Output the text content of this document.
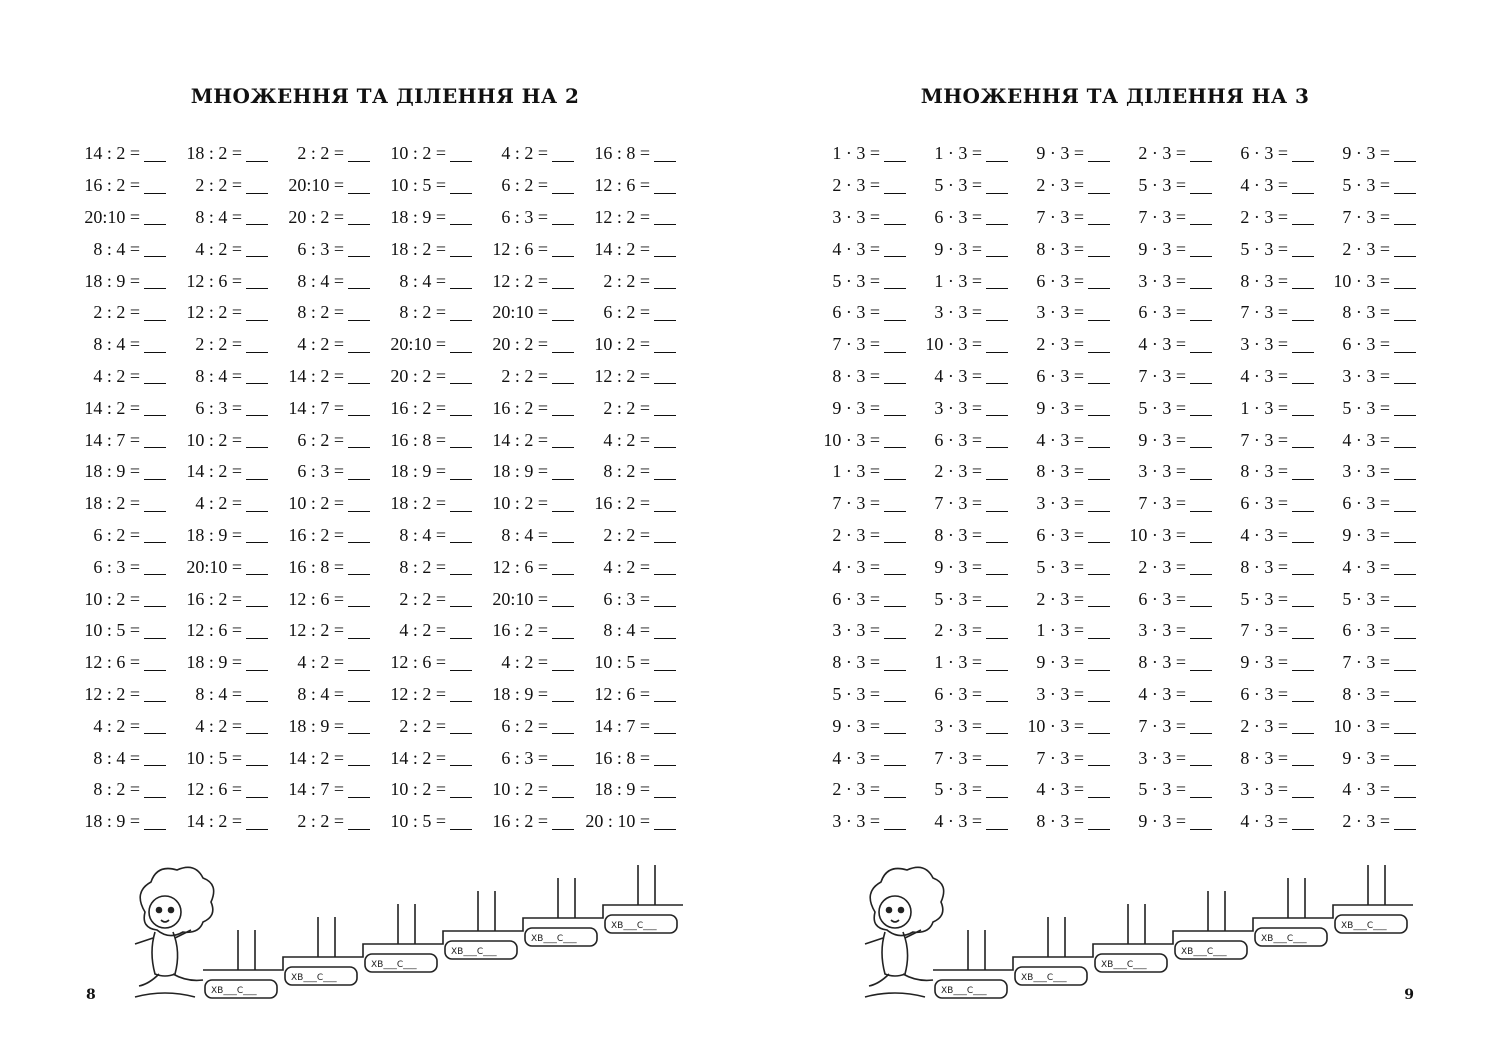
МНОЖЕННЯ ТА ДІЛЕННЯ НА 2
14 : 2 =	18 : 2 =	2 : 2 =	10 : 2 =	4 : 2 =	16 : 8 =
16 : 2 =	2 : 2 =	20:10 =	10 : 5 =	6 : 2 =	12 : 6 =
20:10 =	8 : 4 =	20 : 2 =	18 : 9 =	6 : 3 =	12 : 2 =
8 : 4 =	4 : 2 =	6 : 3 =	18 : 2 =	12 : 6 =	14 : 2 =
18 : 9 =	12 : 6 =	8 : 4 =	8 : 4 =	12 : 2 =	2 : 2 =
2 : 2 =	12 : 2 =	8 : 2 =	8 : 2 =	20:10 =	6 : 2 =
8 : 4 =	2 : 2 =	4 : 2 =	20:10 =	20 : 2 =	10 : 2 =
4 : 2 =	8 : 4 =	14 : 2 =	20 : 2 =	2 : 2 =	12 : 2 =
14 : 2 =	6 : 3 =	14 : 7 =	16 : 2 =	16 : 2 =	2 : 2 =
14 : 7 =	10 : 2 =	6 : 2 =	16 : 8 =	14 : 2 =	4 : 2 =
18 : 9 =	14 : 2 =	6 : 3 =	18 : 9 =	18 : 9 =	8 : 2 =
18 : 2 =	4 : 2 =	10 : 2 =	18 : 2 =	10 : 2 =	16 : 2 =
6 : 2 =	18 : 9 =	16 : 2 =	8 : 4 =	8 : 4 =	2 : 2 =
6 : 3 =	20:10 =	16 : 8 =	8 : 2 =	12 : 6 =	4 : 2 =
10 : 2 =	16 : 2 =	12 : 6 =	2 : 2 =	20:10 =	6 : 3 =
10 : 5 =	12 : 6 =	12 : 2 =	4 : 2 =	16 : 2 =	8 : 4 =
12 : 6 =	18 : 9 =	4 : 2 =	12 : 6 =	4 : 2 =	10 : 5 =
12 : 2 =	8 : 4 =	8 : 4 =	12 : 2 =	18 : 9 =	12 : 6 =
4 : 2 =	4 : 2 =	18 : 9 =	2 : 2 =	6 : 2 =	14 : 7 =
8 : 4 =	10 : 5 =	14 : 2 =	14 : 2 =	6 : 3 =	16 : 8 =
8 : 2 =	12 : 6 =	14 : 7 =	10 : 2 =	10 : 2 =	18 : 9 =
18 : 9 =	14 : 2 =	2 : 2 =	10 : 5 =	16 : 2 = 20 : 10 =
ХВ___С___
ХВ___С___
ХВ___С___
ХВ___С___
ХВ___С___
ХВ___С___
8
МНОЖЕННЯ ТА ДІЛЕННЯ НА 3
1 · 3 =	1 · 3 =	9 · 3 =	2 · 3 =	6 · 3 =	9 · 3 =
2 · 3 =	5 · 3 =	2 · 3 =	5 · 3 =	4 · 3 =	5 · 3 =
3 · 3 =	6 · 3 =	7 · 3 =	7 · 3 =	2 · 3 =	7 · 3 =
4 · 3 =	9 · 3 =	8 · 3 =	9 · 3 =	5 · 3 =	2 · 3 =
5 · 3 =	1 · 3 =	6 · 3 =	3 · 3 =	8 · 3 =	10 · 3 =
6 · 3 =	3 · 3 =	3 · 3 =	6 · 3 =	7 · 3 =	8 · 3 =
7 · 3 =	10 · 3 =	2 · 3 =	4 · 3 =	3 · 3 =	6 · 3 =
8 · 3 =	4 · 3 =	6 · 3 =	7 · 3 =	4 · 3 =	3 · 3 =
9 · 3 =	3 · 3 =	9 · 3 =	5 · 3 =	1 · 3 =	5 · 3 =
10 · 3 =	6 · 3 =	4 · 3 =	9 · 3 =	7 · 3 =	4 · 3 =
1 · 3 =	2 · 3 =	8 · 3 =	3 · 3 =	8 · 3 =	3 · 3 =
7 · 3 =	7 · 3 =	3 · 3 =	7 · 3 =	6 · 3 =	6 · 3 =
2 · 3 =	8 · 3 =	6 · 3 =	10 · 3 =	4 · 3 =	9 · 3 =
4 · 3 =	9 · 3 =	5 · 3 =	2 · 3 =	8 · 3 =	4 · 3 =
6 · 3 =	5 · 3 =	2 · 3 =	6 · 3 =	5 · 3 =	5 · 3 =
3 · 3 =	2 · 3 =	1 · 3 =	3 · 3 =	7 · 3 =	6 · 3 =
8 · 3 =	1 · 3 =	9 · 3 =	8 · 3 =	9 · 3 =	7 · 3 =
5 · 3 =	6 · 3 =	3 · 3 =	4 · 3 =	6 · 3 =	8 · 3 =
9 · 3 =	3 · 3 =	10 · 3 =	7 · 3 =	2 · 3 =	10 · 3 =
4 · 3 =	7 · 3 =	7 · 3 =	3 · 3 =	8 · 3 =	9 · 3 =
2 · 3 =	5 · 3 =	4 · 3 =	5 · 3 =	3 · 3 =	4 · 3 =
3 · 3 =	4 · 3 =	8 · 3 =	9 · 3 =	4 · 3 =	2 · 3 =
ХВ___С___
ХВ___С___
ХВ___С___
ХВ___С___
ХВ___С___
ХВ___С___
9
